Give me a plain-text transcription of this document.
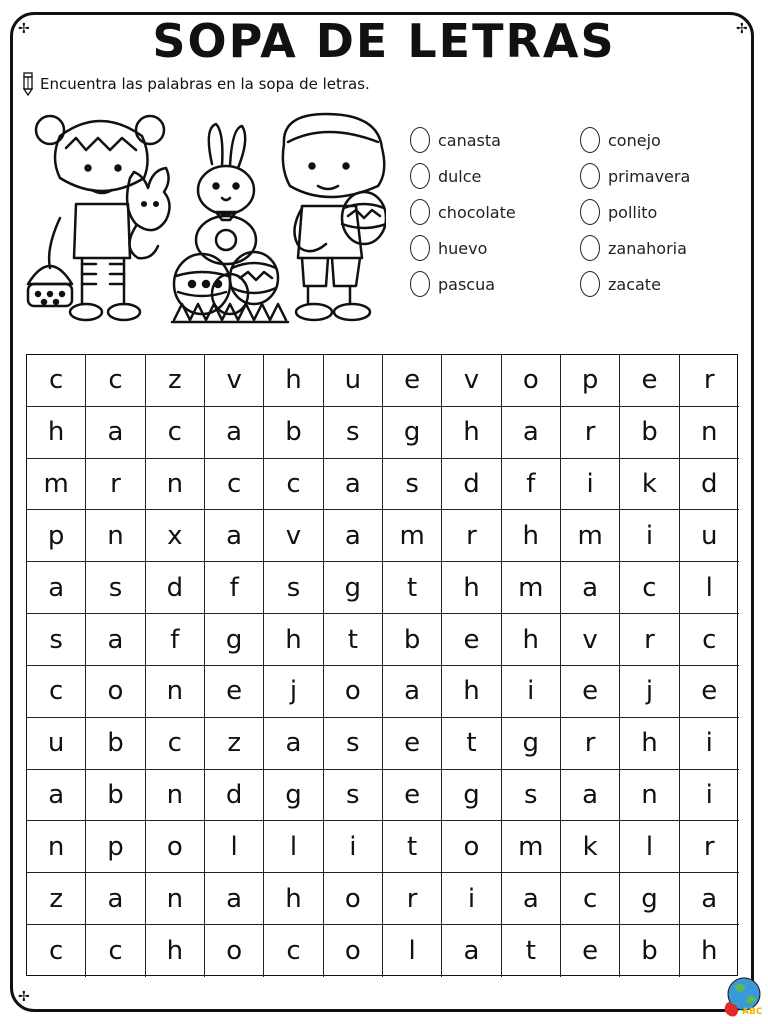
✢	✢
✢
SOPA DE LETRAS
Encuentra las palabras en la sopa de letras.
canasta	conejo
dulce	primavera
chocolate	pollito
huevo	zanahoria
pascua	zacate
c	c	z	v	h	u	e	v	o	p	e	r
h	a	c	a	b	s	g	h	a	r	b	n
m	r	n	c	c	a	s	d	f	i	k	d
p	n	x	a	v	a	m	r	h	m	i	u
a	s	d	f	s	g	t	h	m	a	c	l
s	a	f	g	h	t	b	e	h	v	r	c
c	o	n	e	j	o	a	h	i	e	j	e
u	b	c	z	a	s	e	t	g	r	h	i
a	b	n	d	g	s	e	g	s	a	n	i
n	p	o	l	l	i	t	o	m	k	l	r
z	a	n	a	h	o	r	i	a	c	g	a
c	c	h	o	c	o	l	a	t	e	b	h
ABC
